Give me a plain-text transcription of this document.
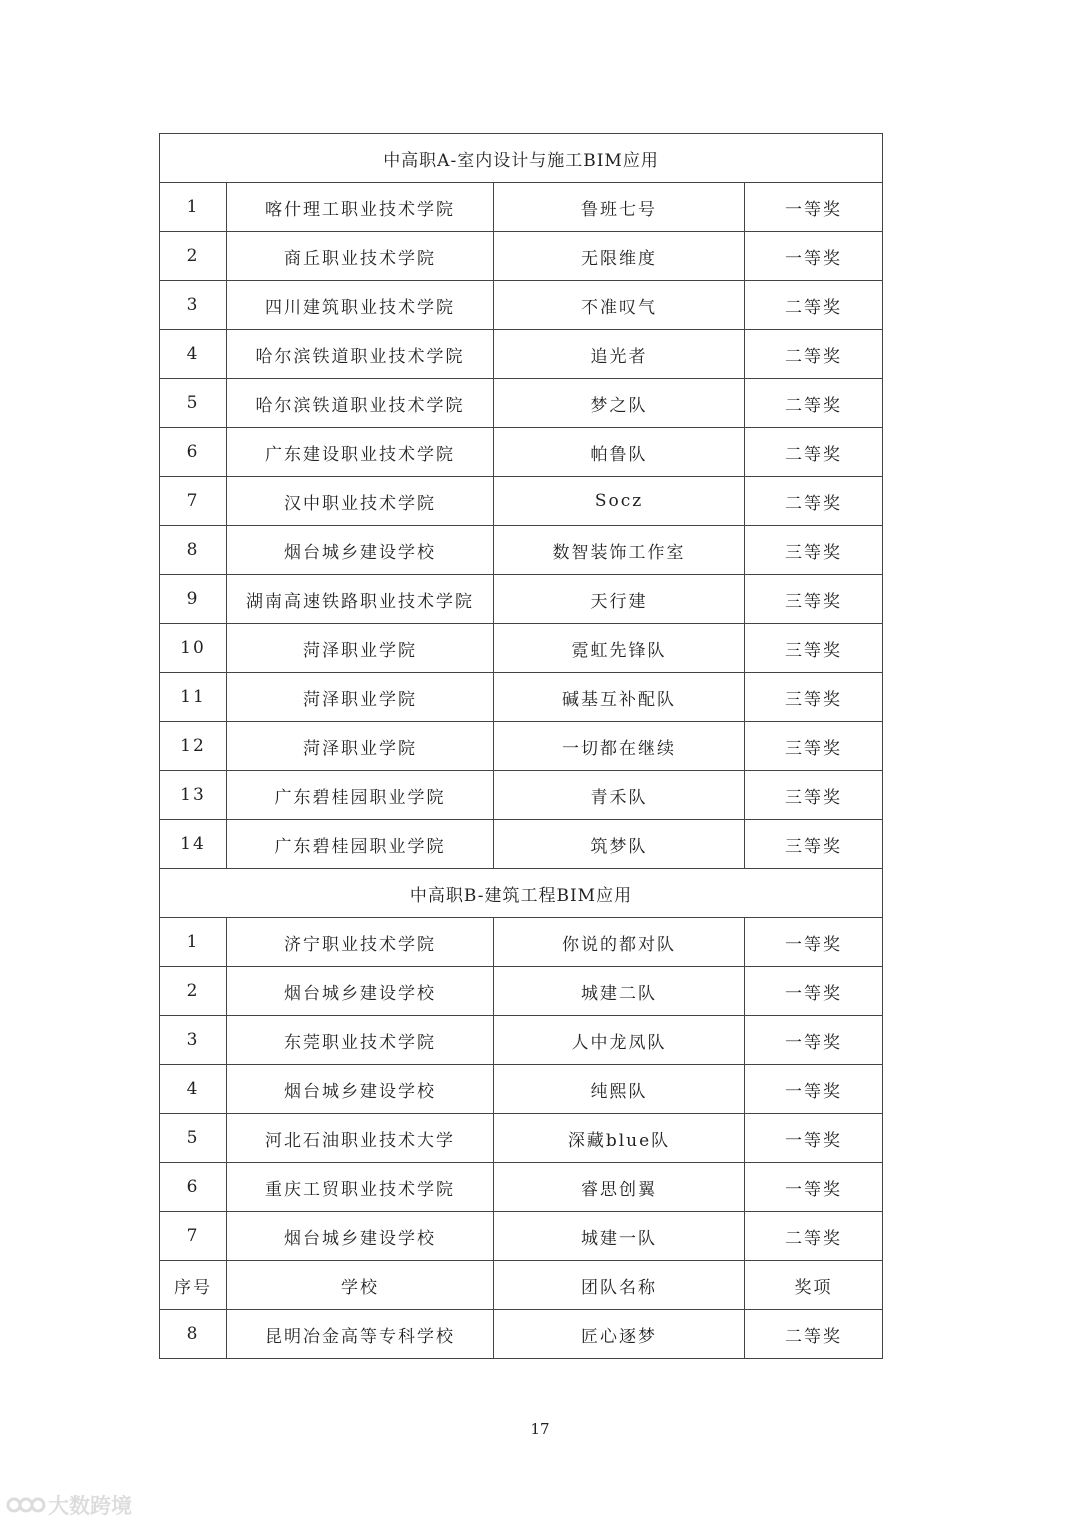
中高职A-室内设计与施工BIM应用			
1	喀什理工职业技术学院	鲁班七号	一等奖
2	商丘职业技术学院	无限维度	一等奖
3	四川建筑职业技术学院	不准叹气	二等奖
4	哈尔滨铁道职业技术学院	追光者	二等奖
5	哈尔滨铁道职业技术学院	梦之队	二等奖
6	广东建设职业技术学院	帕鲁队	二等奖
7	汉中职业技术学院	Socz	二等奖
8	烟台城乡建设学校	数智装饰工作室	三等奖
9	湖南高速铁路职业技术学院	天行建	三等奖
10	菏泽职业学院	霓虹先锋队	三等奖
11	菏泽职业学院	碱基互补配队	三等奖
12	菏泽职业学院	一切都在继续	三等奖
13	广东碧桂园职业学院	青禾队	三等奖
14	广东碧桂园职业学院	筑梦队	三等奖
中高职B-建筑工程BIM应用			
1	济宁职业技术学院	你说的都对队	一等奖
2	烟台城乡建设学校	城建二队	一等奖
3	东莞职业技术学院	人中龙凤队	一等奖
4	烟台城乡建设学校	纯熙队	一等奖
5	河北石油职业技术大学	深藏blue队	一等奖
6	重庆工贸职业技术学院	睿思创翼	一等奖
7	烟台城乡建设学校	城建一队	二等奖
序号	学校	团队名称	奖项
8	昆明冶金高等专科学校	匠心逐梦	二等奖
17
大数跨境
